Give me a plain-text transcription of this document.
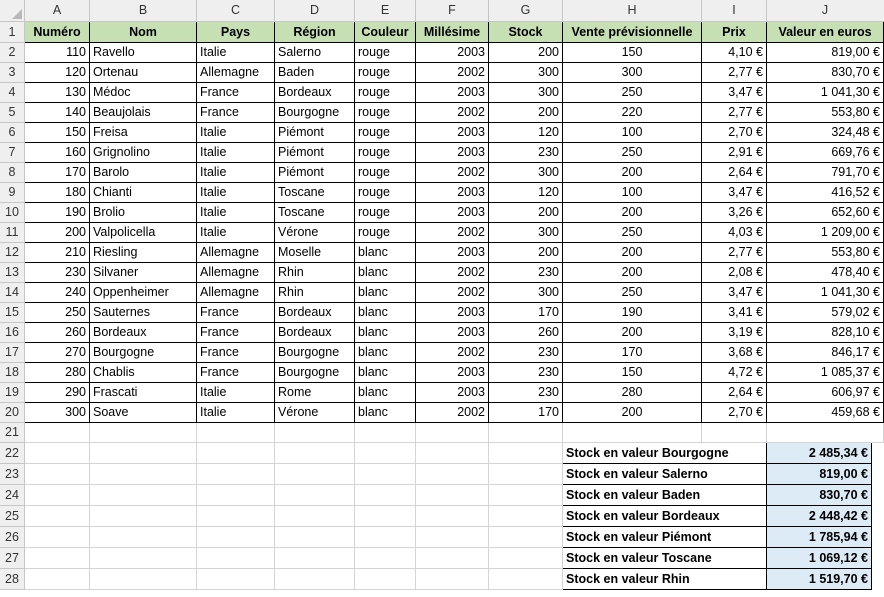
A	B	C	D	E	F	G	H	I	J
1
2
3
4
5
6
7
8
9
10
11
12
13
14
15
16
17
18
19
20
21
22
23
24
25
26
27
28
Numéro	Nom	Pays	Région	Couleur	Millésime	Stock	Vente prévisionnelle	Prix	Valeur en euros
110 Ravello	Italie	Salerno	rouge	2003	200	150	4,10 €	819,00 €
120 Ortenau	Allemagne	Baden	rouge	2002	300	300	2,77 €	830,70 €
130 Médoc	France	Bordeaux	rouge	2003	300	250	3,47 €	1 041,30 €
140 Beaujolais	France	Bourgogne	rouge	2002	200	220	2,77 €	553,80 €
150 Freisa	Italie	Piémont	rouge	2003	120	100	2,70 €	324,48 €
160 Grignolino	Italie	Piémont	rouge	2003	230	250	2,91 €	669,76 €
170 Barolo	Italie	Piémont	rouge	2002	300	200	2,64 €	791,70 €
180 Chianti	Italie	Toscane	rouge	2003	120	100	3,47 €	416,52 €
190 Brolio	Italie	Toscane	rouge	2003	200	200	3,26 €	652,60 €
200 Valpolicella	Italie	Vérone	rouge	2002	300	250	4,03 €	1 209,00 €
210 Riesling	Allemagne	Moselle	blanc	2003	200	200	2,77 €	553,80 €
230 Silvaner	Allemagne	Rhin	blanc	2002	230	200	2,08 €	478,40 €
240 Oppenheimer	Allemagne	Rhin	blanc	2002	300	250	3,47 €	1 041,30 €
250 Sauternes	France	Bordeaux	blanc	2003	170	190	3,41 €	579,02 €
260 Bordeaux	France	Bordeaux	blanc	2003	260	200	3,19 €	828,10 €
270 Bourgogne	France	Bourgogne	blanc	2002	230	170	3,68 €	846,17 €
280 Chablis	France	Bourgogne	blanc	2003	230	150	4,72 €	1 085,37 €
290 Frascati	Italie	Rome	blanc	2003	230	280	2,64 €	606,97 €
300 Soave	Italie	Vérone	blanc	2002	170	200	2,70 €	459,68 €
Stock en valeur Bourgogne	2 485,34 €
Stock en valeur Salerno	819,00 €
Stock en valeur Baden	830,70 €
Stock en valeur Bordeaux	2 448,42 €
Stock en valeur Piémont	1 785,94 €
Stock en valeur Toscane	1 069,12 €
Stock en valeur Rhin	1 519,70 €
